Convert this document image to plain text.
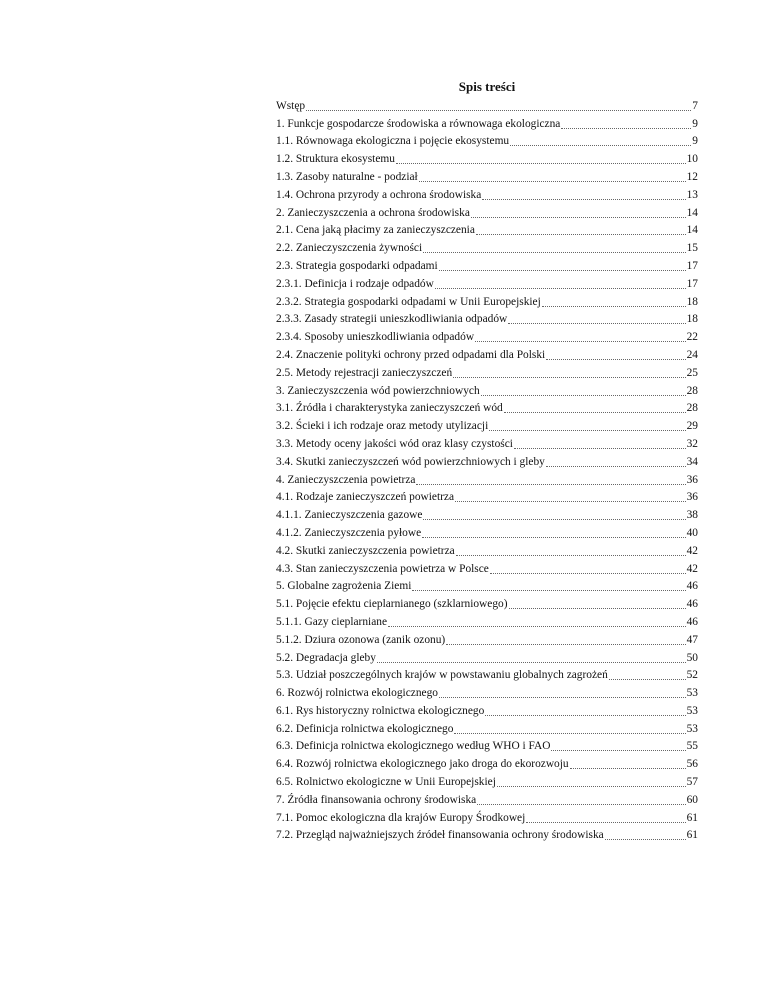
Spis treści
Wstęp	7
1. Funkcje gospodarcze środowiska a równowaga ekologiczna	9
1.1. Równowaga ekologiczna i pojęcie ekosystemu	9
1.2. Struktura ekosystemu	10
1.3. Zasoby naturalne - podział	12
1.4. Ochrona przyrody a ochrona środowiska	13
2. Zanieczyszczenia a ochrona środowiska	14
2.1. Cena jaką płacimy za zanieczyszczenia	14
2.2. Zanieczyszczenia żywności	15
2.3. Strategia gospodarki odpadami	17
2.3.1. Definicja i rodzaje odpadów	17
2.3.2. Strategia gospodarki odpadami w Unii Europejskiej	18
2.3.3. Zasady strategii unieszkodliwiania odpadów	18
2.3.4. Sposoby unieszkodliwiania odpadów	22
2.4. Znaczenie polityki ochrony przed odpadami dla Polski	24
2.5. Metody rejestracji zanieczyszczeń	25
3. Zanieczyszczenia wód powierzchniowych	28
3.1. Źródła i charakterystyka zanieczyszczeń wód	28
3.2. Ścieki i ich rodzaje oraz metody utylizacji	29
3.3. Metody oceny jakości wód oraz klasy czystości	32
3.4. Skutki zanieczyszczeń wód powierzchniowych i gleby	34
4. Zanieczyszczenia powietrza	36
4.1. Rodzaje zanieczyszczeń powietrza	36
4.1.1. Zanieczyszczenia gazowe	38
4.1.2. Zanieczyszczenia pyłowe	40
4.2. Skutki zanieczyszczenia powietrza	42
4.3. Stan zanieczyszczenia powietrza w Polsce	42
5. Globalne zagrożenia Ziemi	46
5.1. Pojęcie efektu cieplarnianego (szklarniowego)	46
5.1.1. Gazy cieplarniane	46
5.1.2. Dziura ozonowa (zanik ozonu)	47
5.2. Degradacja gleby	50
5.3. Udział poszczególnych krajów w powstawaniu globalnych zagrożeń	52
6. Rozwój rolnictwa ekologicznego	53
6.1. Rys historyczny rolnictwa ekologicznego	53
6.2. Definicja rolnictwa ekologicznego	53
6.3. Definicja rolnictwa ekologicznego według WHO i FAO	55
6.4. Rozwój rolnictwa ekologicznego jako droga do ekorozwoju	56
6.5. Rolnictwo ekologiczne w Unii Europejskiej	57
7. Źródła finansowania ochrony środowiska	60
7.1. Pomoc ekologiczna dla krajów Europy Środkowej	61
7.2. Przegląd najważniejszych źródeł finansowania ochrony środowiska	61
